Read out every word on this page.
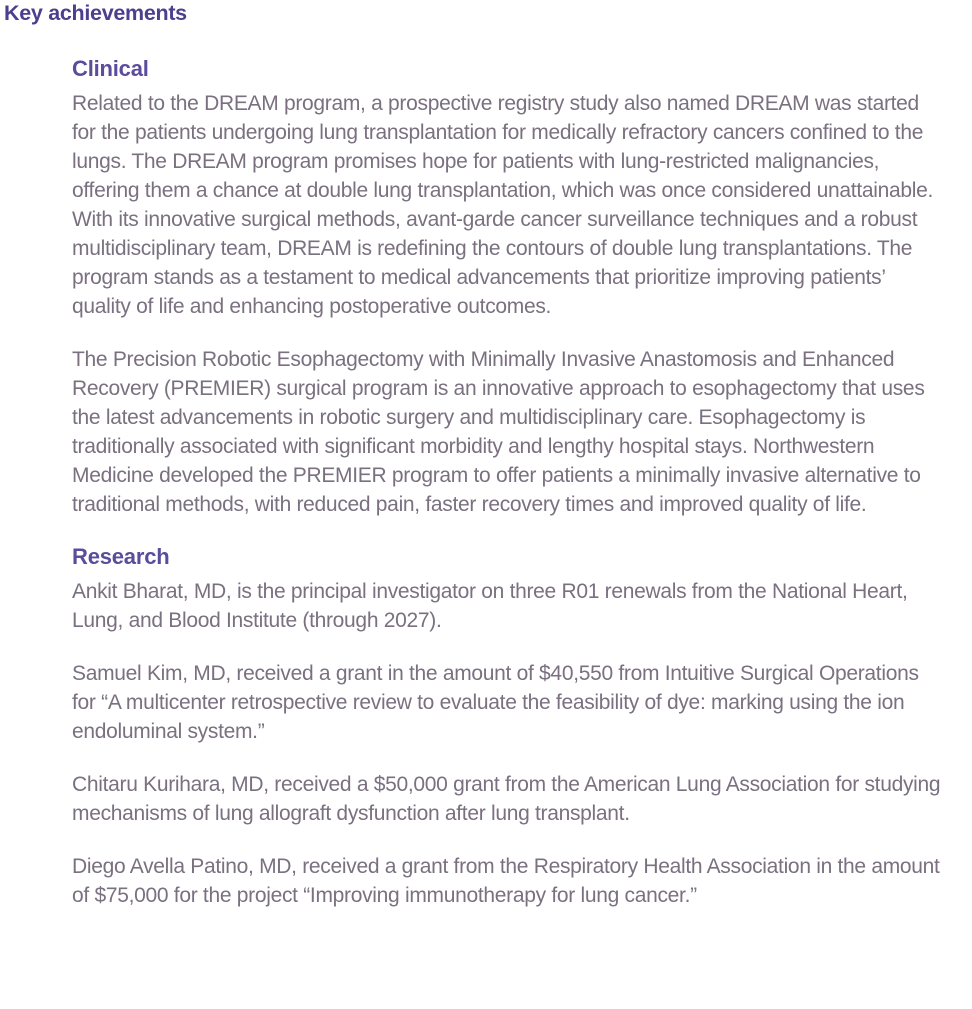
Key achievements
Clinical

Related to the DREAM program, a prospective registry study also named DREAM was started for the patients undergoing lung transplantation for medically refractory cancers confined to the lungs. The DREAM program promises hope for patients with lung-restricted malignancies, offering them a chance at double lung transplantation, which was once considered unattainable. With its innovative surgical methods, avant-garde cancer surveillance techniques and a robust multidisciplinary team, DREAM is redefining the contours of double lung transplantations. The program stands as a testament to medical advancements that prioritize improving patients’ quality of life and enhancing postoperative outcomes.

The Precision Robotic Esophagectomy with Minimally Invasive Anastomosis and Enhanced Recovery (PREMIER) surgical program is an innovative approach to esophagectomy that uses the latest advancements in robotic surgery and multidisciplinary care. Esophagectomy is traditionally associated with significant morbidity and lengthy hospital stays. Northwestern Medicine developed the PREMIER program to offer patients a minimally invasive alternative to traditional methods, with reduced pain, faster recovery times and improved quality of life.

Research

Ankit Bharat, MD, is the principal investigator on three R01 renewals from the National Heart, Lung, and Blood Institute (through 2027).

Samuel Kim, MD, received a grant in the amount of $40,550 from Intuitive Surgical Operations for “A multicenter retrospective review to evaluate the feasibility of dye: marking using the ion endoluminal system.”

Chitaru Kurihara, MD, received a $50,000 grant from the American Lung Association for studying mechanisms of lung allograft dysfunction after lung transplant.

Diego Avella Patino, MD, received a grant from the Respiratory Health Association in the amount of $75,000 for the project “Improving immunotherapy for lung cancer.”
